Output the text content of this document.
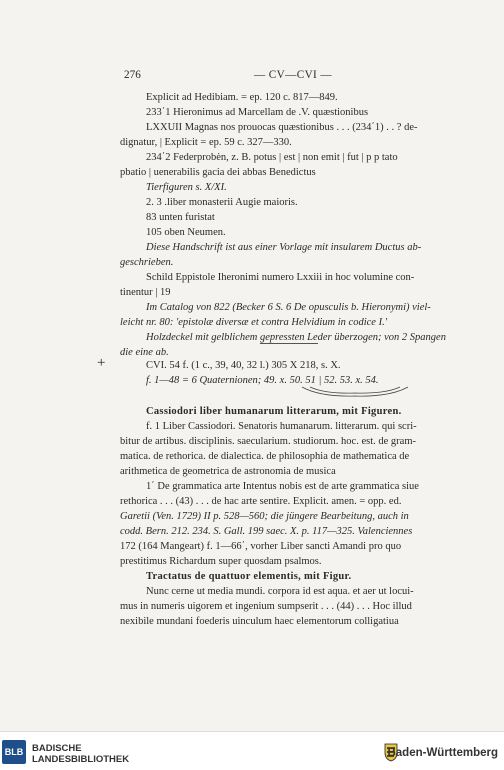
276	— CV—CVI —
Explicit ad Hedibiam. = ep. 120 c. 817—849.
233΄1 Hieronimus ad Marcellam de .V. quæstionibus
LXXUII Magnas nos prouocas quæstionibus . . . (234΄1) . . ? de-
dignatur, | Explicit = ep. 59 c. 327—330.
234΄2 Federprobėn, z. B. potus | est | non emit | fut | p p tato
pbatio | uenerabilis gacia dei abbas Benedictus
Tierfiguren s. X/XI.
2. 3 .liber monasterii Augie maioris.
83 unten furistat
105 oben Neumen.
Diese Handschrift ist aus einer Vorlage mit insularem Ductus ab-
geschrieben.
Schild Eppistole Iheronimi numero Lxxiii in hoc volumine con-
tinentur | 19
Im Catalog von 822 (Becker 6 S. 6 De opusculis b. Hieronymi) viel-
leicht nr. 80: 'epistolæ diversæ et contra Helvidium in codice I.'
Holzdeckel mit gelblichem gepressten Leder überzogen; von 2 Spangen
die eine ab.
+	CVI. 54 f. (1 c., 39, 40, 32 l.) 305 X 218, s. X.
f. 1—48 = 6 Quaternionen; 49. x. 50. 51 | 52. 53. x. 54.
Cassiodori liber humanarum litterarum, mit Figuren.
f. 1 Liber Cassiodori. Senatoris humanarum. litterarum. qui scri-
bitur de artibus. disciplinis. saecularium. studiorum. hoc. est. de gram-
matica. de rethorica. de dialectica. de philosophia de mathematica de
arithmetica de geometrica de astronomia de musica
1΄ De grammatica arte Intentus nobis est de arte grammatica siue
rethorica . . . (43) . . . de hac arte sentire. Explicit. amen. = opp. ed.
Garetii (Ven. 1729) II p. 528—560; die jüngere Bearbeitung, auch in
codd. Bern. 212. 234. S. Gall. 199 saec. X. p. 117—325. Valenciennes
172 (164 Mangeart) f. 1—66΄, vorher Liber sancti Amandi pro quo
prestitimus Richardum super quosdam psalmos.
Tractatus de quattuor elementis, mit Figur.
Nunc cerne ut media mundi. corpora id est aqua. et aer ut locui-
mus in numeris uigorem et ingenium sumpserit . . . (44) . . . Hoc illud
nexibile mundani foederis uinculum haec elementorum colligatiua
BLB BADISCHE
LANDESBIBLIOTHEK
Baden-Württemberg
